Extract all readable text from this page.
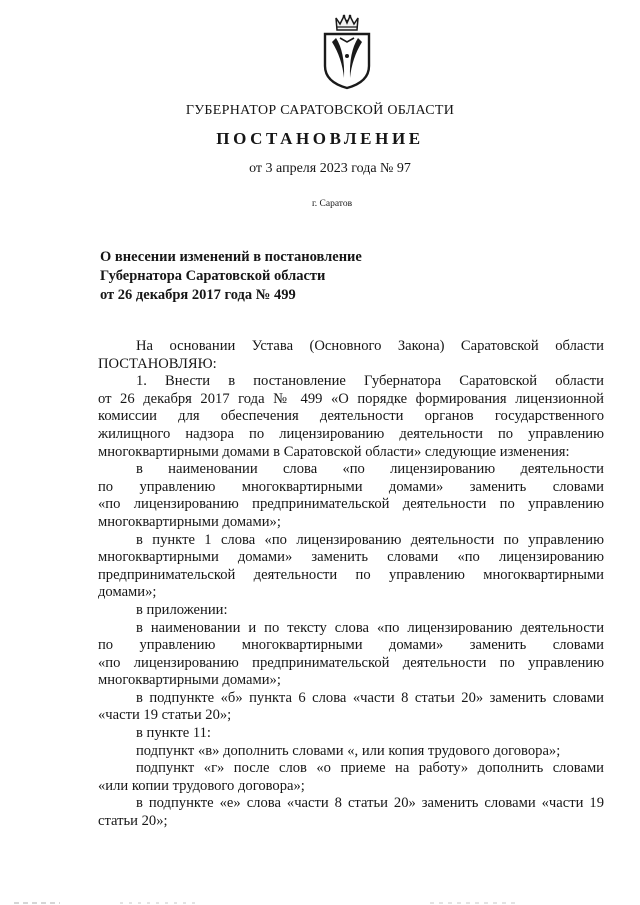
ГУБЕРНАТОР САРАТОВСКОЙ ОБЛАСТИ
ПОСТАНОВЛЕНИЕ
от 3 апреля 2023 года № 97
г. Саратов
О внесении изменений в постановление
Губернатора Саратовской области
от 26 декабря 2017 года № 499
На основании Устава (Основного Закона) Саратовской области
ПОСТАНОВЛЯЮ:
1. Внести в постановление Губернатора Саратовской области
от 26 декабря 2017 года № 499 «О порядке формирования лицензионной
комиссии для обеспечения деятельности органов государственного
жилищного надзора по лицензированию деятельности по управлению
многоквартирными домами в Саратовской области» следующие изменения:
в наименовании слова «по лицензированию деятельности
по управлению многоквартирными домами» заменить словами
«по лицензированию предпринимательской деятельности по управлению
многоквартирными домами»;
в пункте 1 слова «по лицензированию деятельности по управлению
многоквартирными домами» заменить словами «по лицензированию
предпринимательской деятельности по управлению многоквартирными
домами»;
в приложении:
в наименовании и по тексту слова «по лицензированию деятельности
по управлению многоквартирными домами» заменить словами
«по лицензированию предпринимательской деятельности по управлению
многоквартирными домами»;
в подпункте «б» пункта 6 слова «части 8 статьи 20» заменить словами
«части 19 статьи 20»;
в пункте 11:
подпункт «в» дополнить словами «, или копия трудового договора»;
подпункт «г» после слов «о приеме на работу» дополнить словами
«или копии трудового договора»;
в подпункте «е» слова «части 8 статьи 20» заменить словами «части 19
статьи 20»;
